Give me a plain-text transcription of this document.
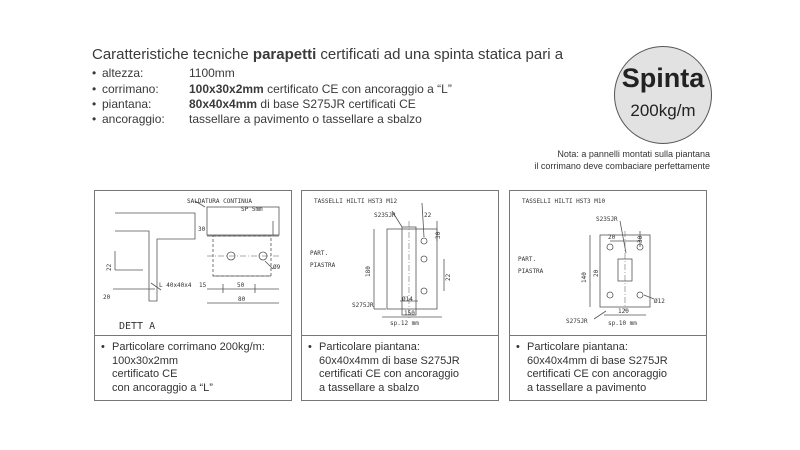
Caratteristiche tecniche parapetti certificati ad una spinta statica pari a
• altezza:	1100mm
• corrimano:	100x30x2mm certificato CE con ancoraggio a “L”
• piantana:	80x40x4mm di base S275JR certificati CE
• ancoraggio: tassellare a pavimento o tassellare a sbalzo
Spinta
200kg/m
Nota: a pannelli montati sulla piantana
il corrimano deve combaciare perfettamente
SALDATURA CONTINUA
SP 5mm
30
22
L 40x40x4
20
15	50
80
Ø9
DETT A
• Particolare corrimano 200kg/m:
100x30x2mm
certificato CE
con ancoraggio a “L”
TASSELLI HILTI HST3 M12
S235JR	22
30
PART.
PIASTRA
180
22
S275JR
Ø14
150
sp.12 mm
• Particolare piantana:
60x40x4mm di base S275JR
certificati CE con ancoraggio
a tassellare a sbalzo
TASSELLI HILTI HST3 M10
S235JR
20	30
PART.
PIASTRA
140 20
Ø12
120
S275JR	sp.10 mm
• Particolare piantana:
60x40x4mm di base S275JR
certificati CE con ancoraggio
a tassellare a pavimento
